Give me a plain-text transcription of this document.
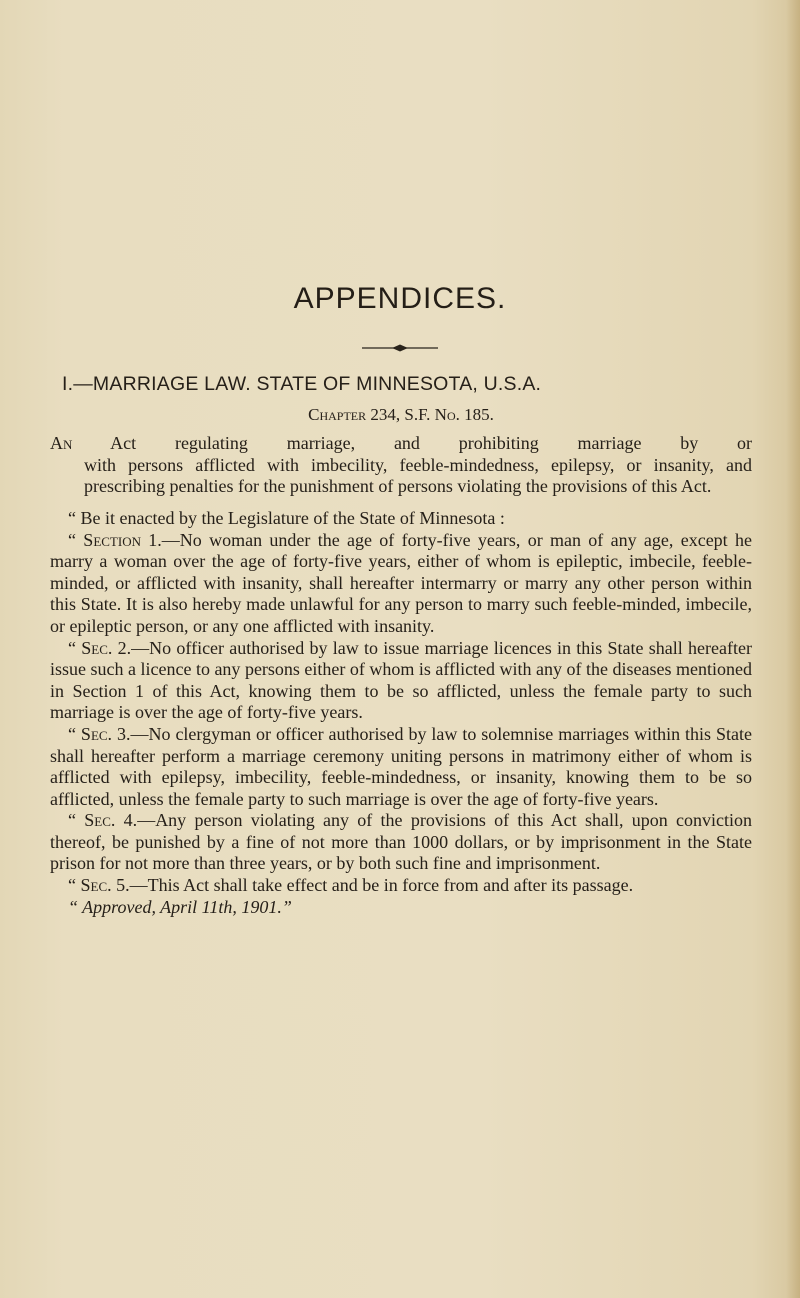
APPENDICES.
I.—MARRIAGE LAW. STATE OF MINNESOTA, U.S.A.
Chapter 234, S.F. No. 185.

An Act regulating marriage, and prohibiting marriage by or
with persons afflicted with imbecility, feeble-mindedness, epilepsy, or insanity, and prescribing penalties for the punishment of persons violating the provisions of this Act.

“ Be it enacted by the Legislature of the State of Minnesota :

“ Section 1.—No woman under the age of forty-five years, or man of any age, except he marry a woman over the age of forty-five years, either of whom is epileptic, imbecile, feeble-minded, or afflicted with insanity, shall hereafter intermarry or marry any other person within this State. It is also hereby made unlawful for any person to marry such feeble-minded, imbecile, or epileptic person, or any one afflicted with insanity.

“ Sec. 2.—No officer authorised by law to issue marriage licences in this State shall hereafter issue such a licence to any persons either of whom is afflicted with any of the diseases mentioned in Section 1 of this Act, knowing them to be so afflicted, unless the female party to such marriage is over the age of forty-five years.

“ Sec. 3.—No clergyman or officer authorised by law to solemnise marriages within this State shall hereafter perform a marriage ceremony uniting persons in matrimony either of whom is afflicted with epilepsy, imbecility, feeble-mindedness, or insanity, knowing them to be so afflicted, unless the female party to such marriage is over the age of forty-five years.

“ Sec. 4.—Any person violating any of the provisions of this Act shall, upon conviction thereof, be punished by a fine of not more than 1000 dollars, or by imprisonment in the State prison for not more than three years, or by both such fine and imprisonment.

“ Sec. 5.—This Act shall take effect and be in force from and after its passage.

“ Approved, April 11th, 1901.”
